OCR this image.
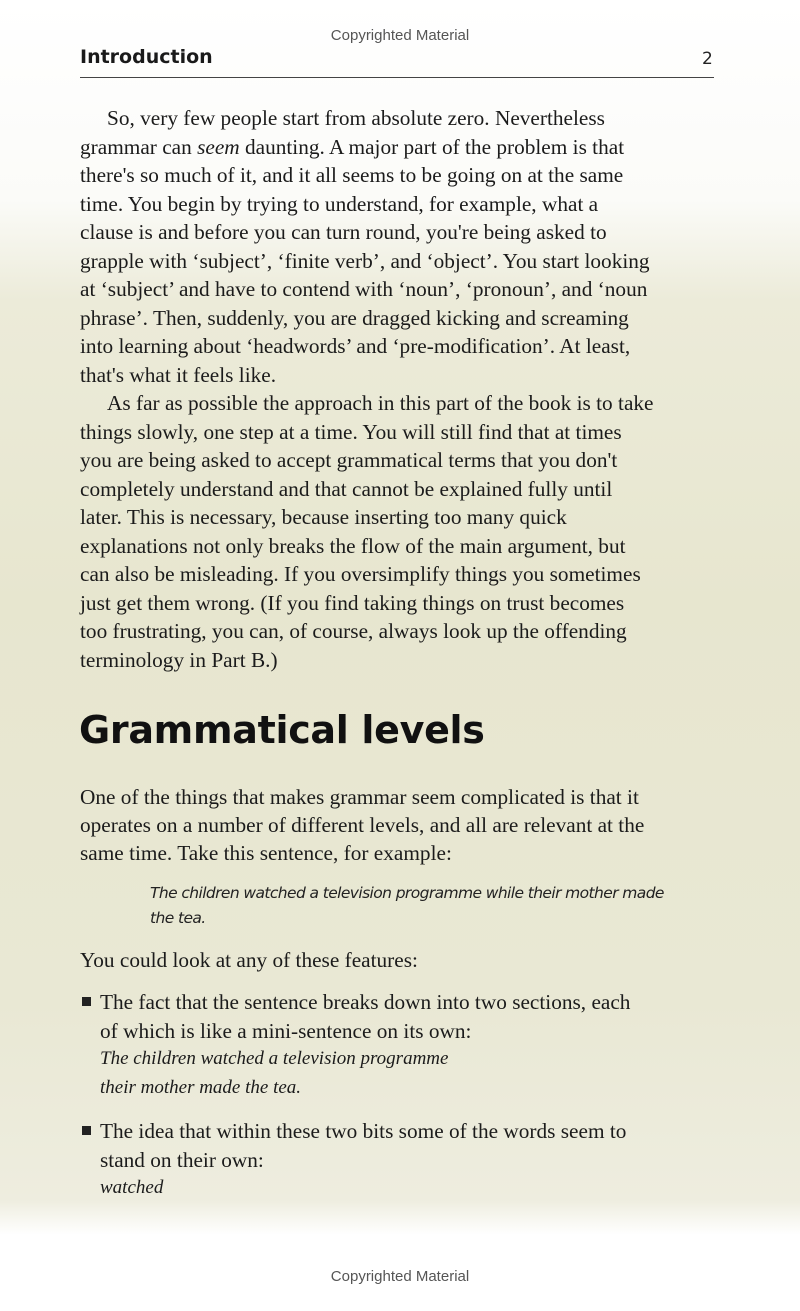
Copyrighted Material
Introduction	2
So, very few people start from absolute zero. Nevertheless
grammar can seem daunting. A major part of the problem is that
there's so much of it, and it all seems to be going on at the same
time. You begin by trying to understand, for example, what a
clause is and before you can turn round, you're being asked to
grapple with ‘subject’, ‘finite verb’, and ‘object’. You start looking
at ‘subject’ and have to contend with ‘noun’, ‘pronoun’, and ‘noun
phrase’. Then, suddenly, you are dragged kicking and screaming
into learning about ‘headwords’ and ‘pre-modification’. At least,
that's what it feels like.
As far as possible the approach in this part of the book is to take
things slowly, one step at a time. You will still find that at times
you are being asked to accept grammatical terms that you don't
completely understand and that cannot be explained fully until
later. This is necessary, because inserting too many quick
explanations not only breaks the flow of the main argument, but
can also be misleading. If you oversimplify things you sometimes
just get them wrong. (If you find taking things on trust becomes
too frustrating, you can, of course, always look up the offending
terminology in Part B.)
Grammatical levels
One of the things that makes grammar seem complicated is that it
operates on a number of different levels, and all are relevant at the
same time. Take this sentence, for example:
The children watched a television programme while their mother made
the tea.
You could look at any of these features:
The fact that the sentence breaks down into two sections, each
of which is like a mini-sentence on its own:
The children watched a television programme
their mother made the tea.
The idea that within these two bits some of the words seem to
stand on their own:
watched
Copyrighted Material
